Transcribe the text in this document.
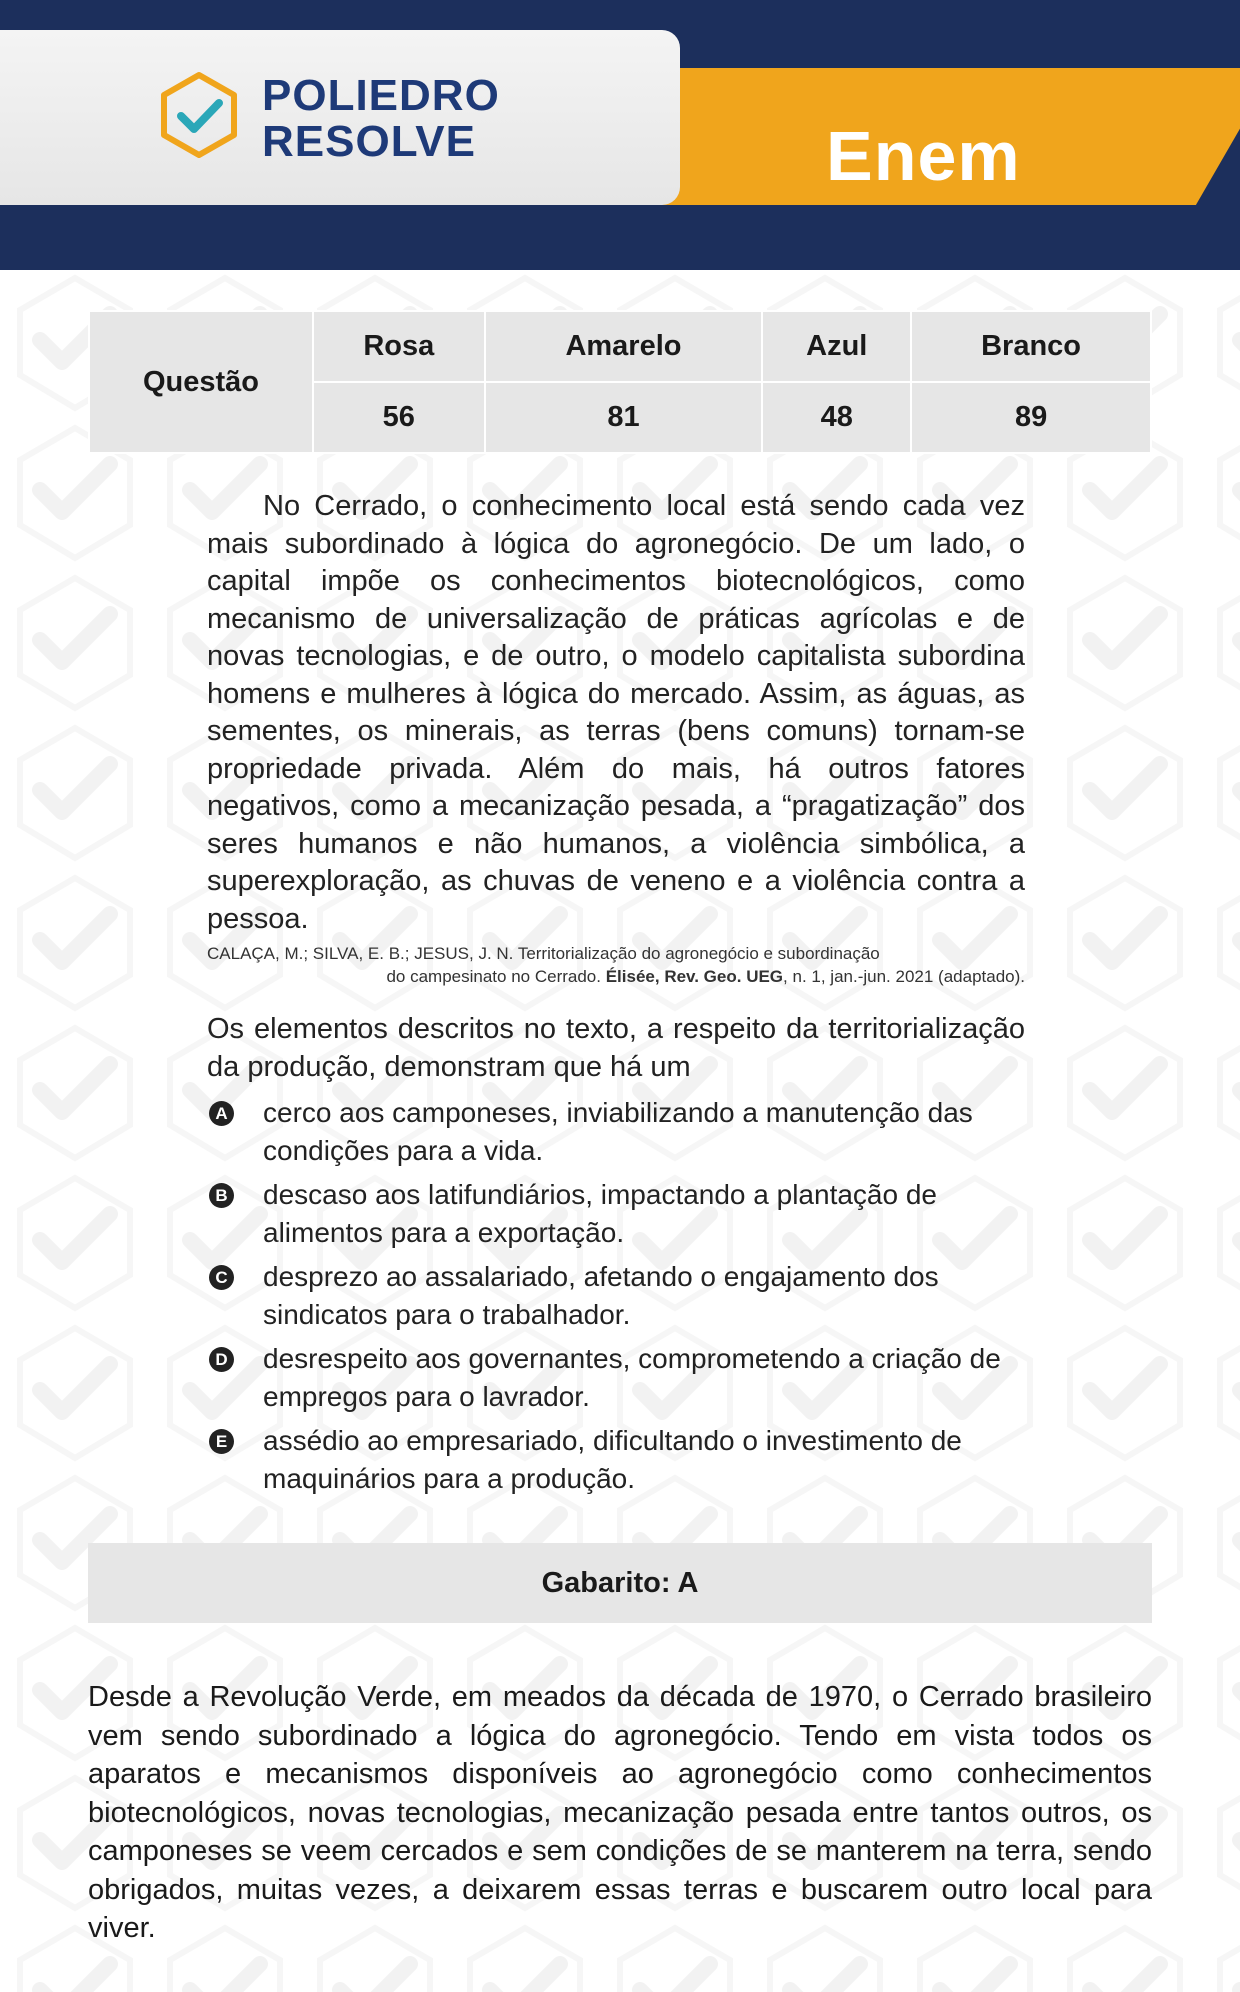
POLIEDRO
RESOLVE	Enem
Questão	Rosa	Amarelo	Azul	Branco
	56	81	48	89

No Cerrado, o conhecimento local está sendo cada vez mais subordinado à lógica do agronegócio. De um lado, o capital impõe os conhecimentos biotecnológicos, como mecanismo de universalização de práticas agrícolas e de novas tecnologias, e de outro, o modelo capitalista subordina homens e mulheres à lógica do mercado. Assim, as águas, as sementes, os minerais, as terras (bens comuns) tornam-se propriedade privada. Além do mais, há outros fatores negativos, como a mecanização pesada, a “pragatização” dos seres humanos e não humanos, a violência simbólica, a superexploração, as chuvas de veneno e a violência contra a pessoa.

CALAÇA, M.; SILVA, E. B.; JESUS, J. N. Territorialização do agronegócio e subordinação
do campesinato no Cerrado. Élisée, Rev. Geo. UEG, n. 1, jan.-jun. 2021 (adaptado).

Os elementos descritos no texto, a respeito da territorialização da produção, demonstram que há um

A cerco aos camponeses, inviabilizando a manutenção das condições para a vida.
B descaso aos latifundiários, impactando a plantação de alimentos para a exportação.
C desprezo ao assalariado, afetando o engajamento dos sindicatos para o trabalhador.
D desrespeito aos governantes, comprometendo a criação de empregos para o lavrador.
E assédio ao empresariado, dificultando o investimento de maquinários para a produção.
Gabarito: A

Desde a Revolução Verde, em meados da década de 1970, o Cerrado brasileiro vem sendo subordinado a lógica do agronegócio. Tendo em vista todos os aparatos e mecanismos disponíveis ao agronegócio como conhecimentos biotecnológicos, novas tecnologias, mecanização pesada entre tantos outros, os camponeses se veem cercados e sem condições de se manterem na terra, sendo obrigados, muitas vezes, a deixarem essas terras e buscarem outro local para viver.
